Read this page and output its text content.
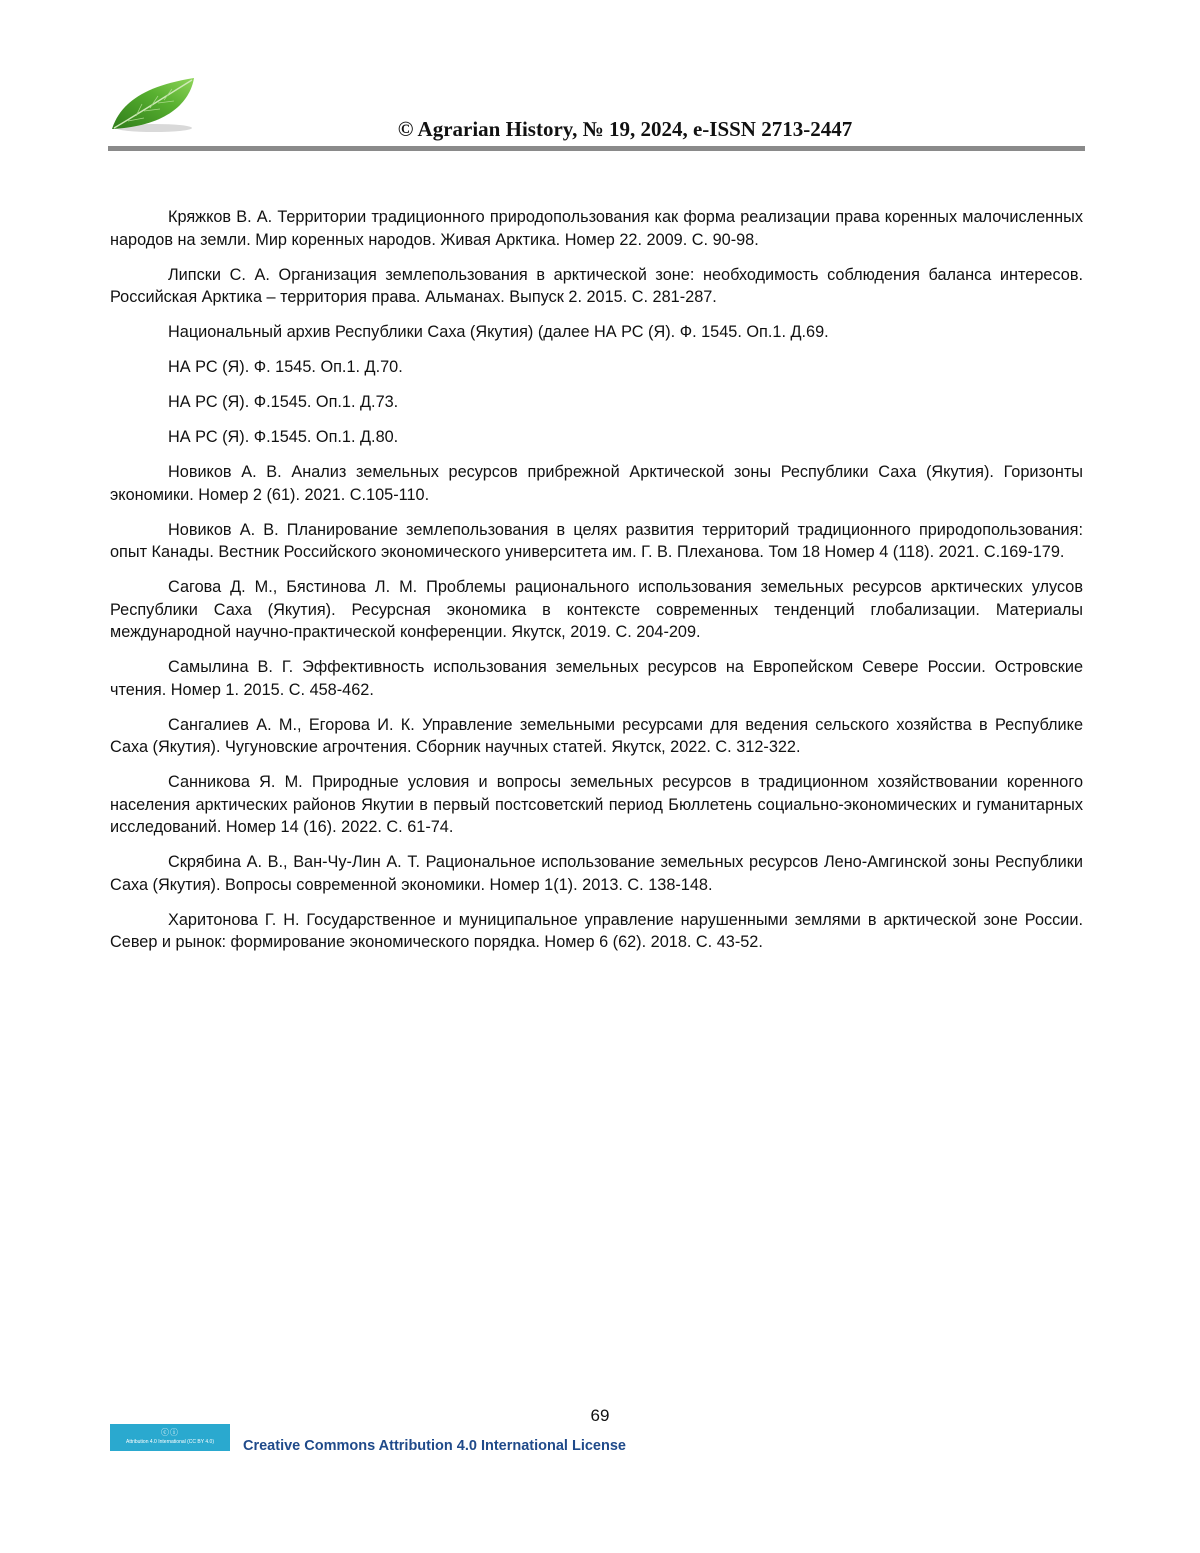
© Agrarian History, № 19, 2024, e-ISSN 2713-2447

Кряжков В. А. Территории традиционного природопользования как форма реализации права коренных малочисленных народов на земли. Мир коренных народов. Живая Арктика. Номер 22. 2009. С. 90-98.

Липски С. А. Организация землепользования в арктической зоне: необходимость соблюдения баланса интересов. Российская Арктика – территория права. Альманах. Выпуск 2. 2015. С. 281-287.

Национальный архив Республики Саха (Якутия) (далее НА РС (Я). Ф. 1545. Оп.1. Д.69.

НА РС (Я). Ф. 1545. Оп.1. Д.70.

НА РС (Я). Ф.1545. Оп.1. Д.73.

НА РС (Я). Ф.1545. Оп.1. Д.80.

Новиков А. В. Анализ земельных ресурсов прибрежной Арктической зоны Республики Саха (Якутия). Горизонты экономики. Номер 2 (61). 2021. С.105-110.

Новиков А. В. Планирование землепользования в целях развития территорий традиционного природопользования: опыт Канады. Вестник Российского экономического университета им. Г. В. Плеханова. Том 18 Номер 4 (118). 2021. С.169-179.

Сагова Д. М., Бястинова Л. М. Проблемы рационального использования земельных ресурсов арктических улусов Республики Саха (Якутия). Ресурсная экономика в контексте современных тенденций глобализации. Материалы международной научно-практической конференции. Якутск, 2019. С. 204-209.

Самылина В. Г. Эффективность использования земельных ресурсов на Европейском Севере России. Островские чтения. Номер 1. 2015. С. 458-462.

Сангалиев А. М., Егорова И. К. Управление земельными ресурсами для ведения сельского хозяйства в Республике Саха (Якутия). Чугуновские агрочтения. Сборник научных статей. Якутск, 2022. С. 312-322.

Санникова Я. М. Природные условия и вопросы земельных ресурсов в традиционном хозяйствовании коренного населения арктических районов Якутии в первый постсоветский период Бюллетень социально-экономических и гуманитарных исследований. Номер 14 (16). 2022. С. 61-74.

Скрябина А. В., Ван-Чу-Лин А. Т. Рациональное использование земельных ресурсов Лено-Амгинской зоны Республики Саха (Якутия). Вопросы современной экономики. Номер 1(1). 2013. С. 138-148.

Харитонова Г. Н. Государственное и муниципальное управление нарушенными землями в арктической зоне России. Север и рынок: формирование экономического порядка. Номер 6 (62). 2018. С. 43-52.

69
ⓒⓘ
Attribution 4.0 International (CC BY 4.0)	Creative Commons Attribution 4.0 International License
